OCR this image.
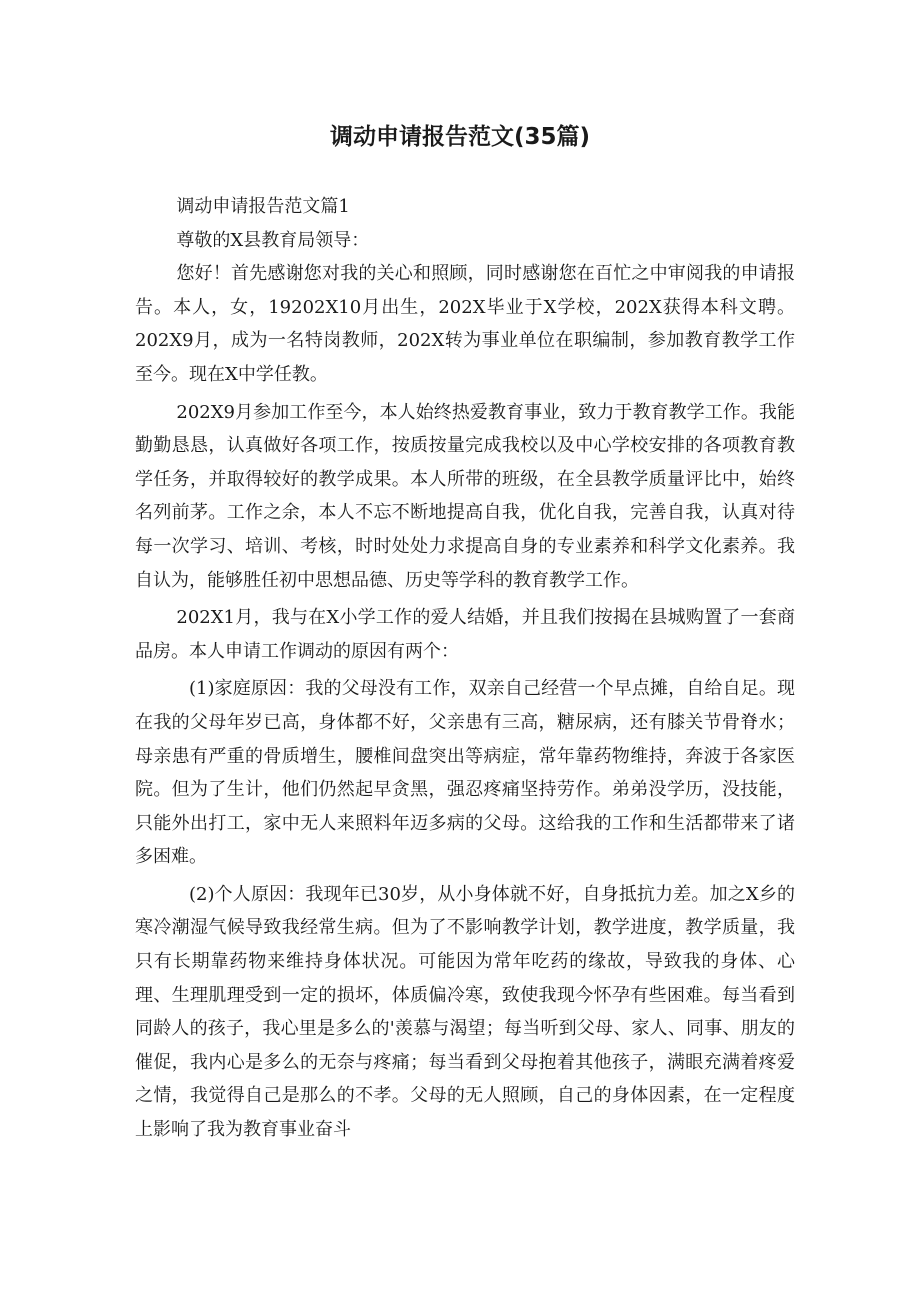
调动申请报告范文(35篇)

调动申请报告范文篇1

尊敬的X县教育局领导：

您好！首先感谢您对我的关心和照顾，同时感谢您在百忙之中审阅我的申请报告。本人，女，19202X10月出生，202X毕业于X学校，202X获得本科文聘。202X9月，成为一名特岗教师，202X转为事业单位在职编制，参加教育教学工作至今。现在X中学任教。

202X9月参加工作至今，本人始终热爱教育事业，致力于教育教学工作。我能勤勤恳恳，认真做好各项工作，按质按量完成我校以及中心学校安排的各项教育教学任务，并取得较好的教学成果。本人所带的班级，在全县教学质量评比中，始终名列前茅。工作之余，本人不忘不断地提高自我，优化自我，完善自我，认真对待每一次学习、培训、考核，时时处处力求提高自身的专业素养和科学文化素养。我自认为，能够胜任初中思想品德、历史等学科的教育教学工作。

202X1月，我与在X小学工作的爱人结婚，并且我们按揭在县城购置了一套商品房。本人申请工作调动的原因有两个：

(1)家庭原因：我的父母没有工作，双亲自己经营一个早点摊，自给自足。现在我的父母年岁已高，身体都不好，父亲患有三高，糖尿病，还有膝关节骨脊水；母亲患有严重的骨质增生，腰椎间盘突出等病症，常年靠药物维持，奔波于各家医院。但为了生计，他们仍然起早贪黑，强忍疼痛坚持劳作。弟弟没学历，没技能，只能外出打工，家中无人来照料年迈多病的父母。这给我的工作和生活都带来了诸多困难。

(2)个人原因：我现年已30岁，从小身体就不好，自身抵抗力差。加之X乡的寒冷潮湿气候导致我经常生病。但为了不影响教学计划，教学进度，教学质量，我只有长期靠药物来维持身体状况。可能因为常年吃药的缘故，导致我的身体、心理、生理肌理受到一定的损坏，体质偏冷寒，致使我现今怀孕有些困难。每当看到同龄人的孩子，我心里是多么的'羡慕与渴望；每当听到父母、家人、同事、朋友的催促，我内心是多么的无奈与疼痛；每当看到父母抱着其他孩子，满眼充满着疼爱之情，我觉得自己是那么的不孝。父母的无人照顾，自己的身体因素，在一定程度上影响了我为教育事业奋斗
